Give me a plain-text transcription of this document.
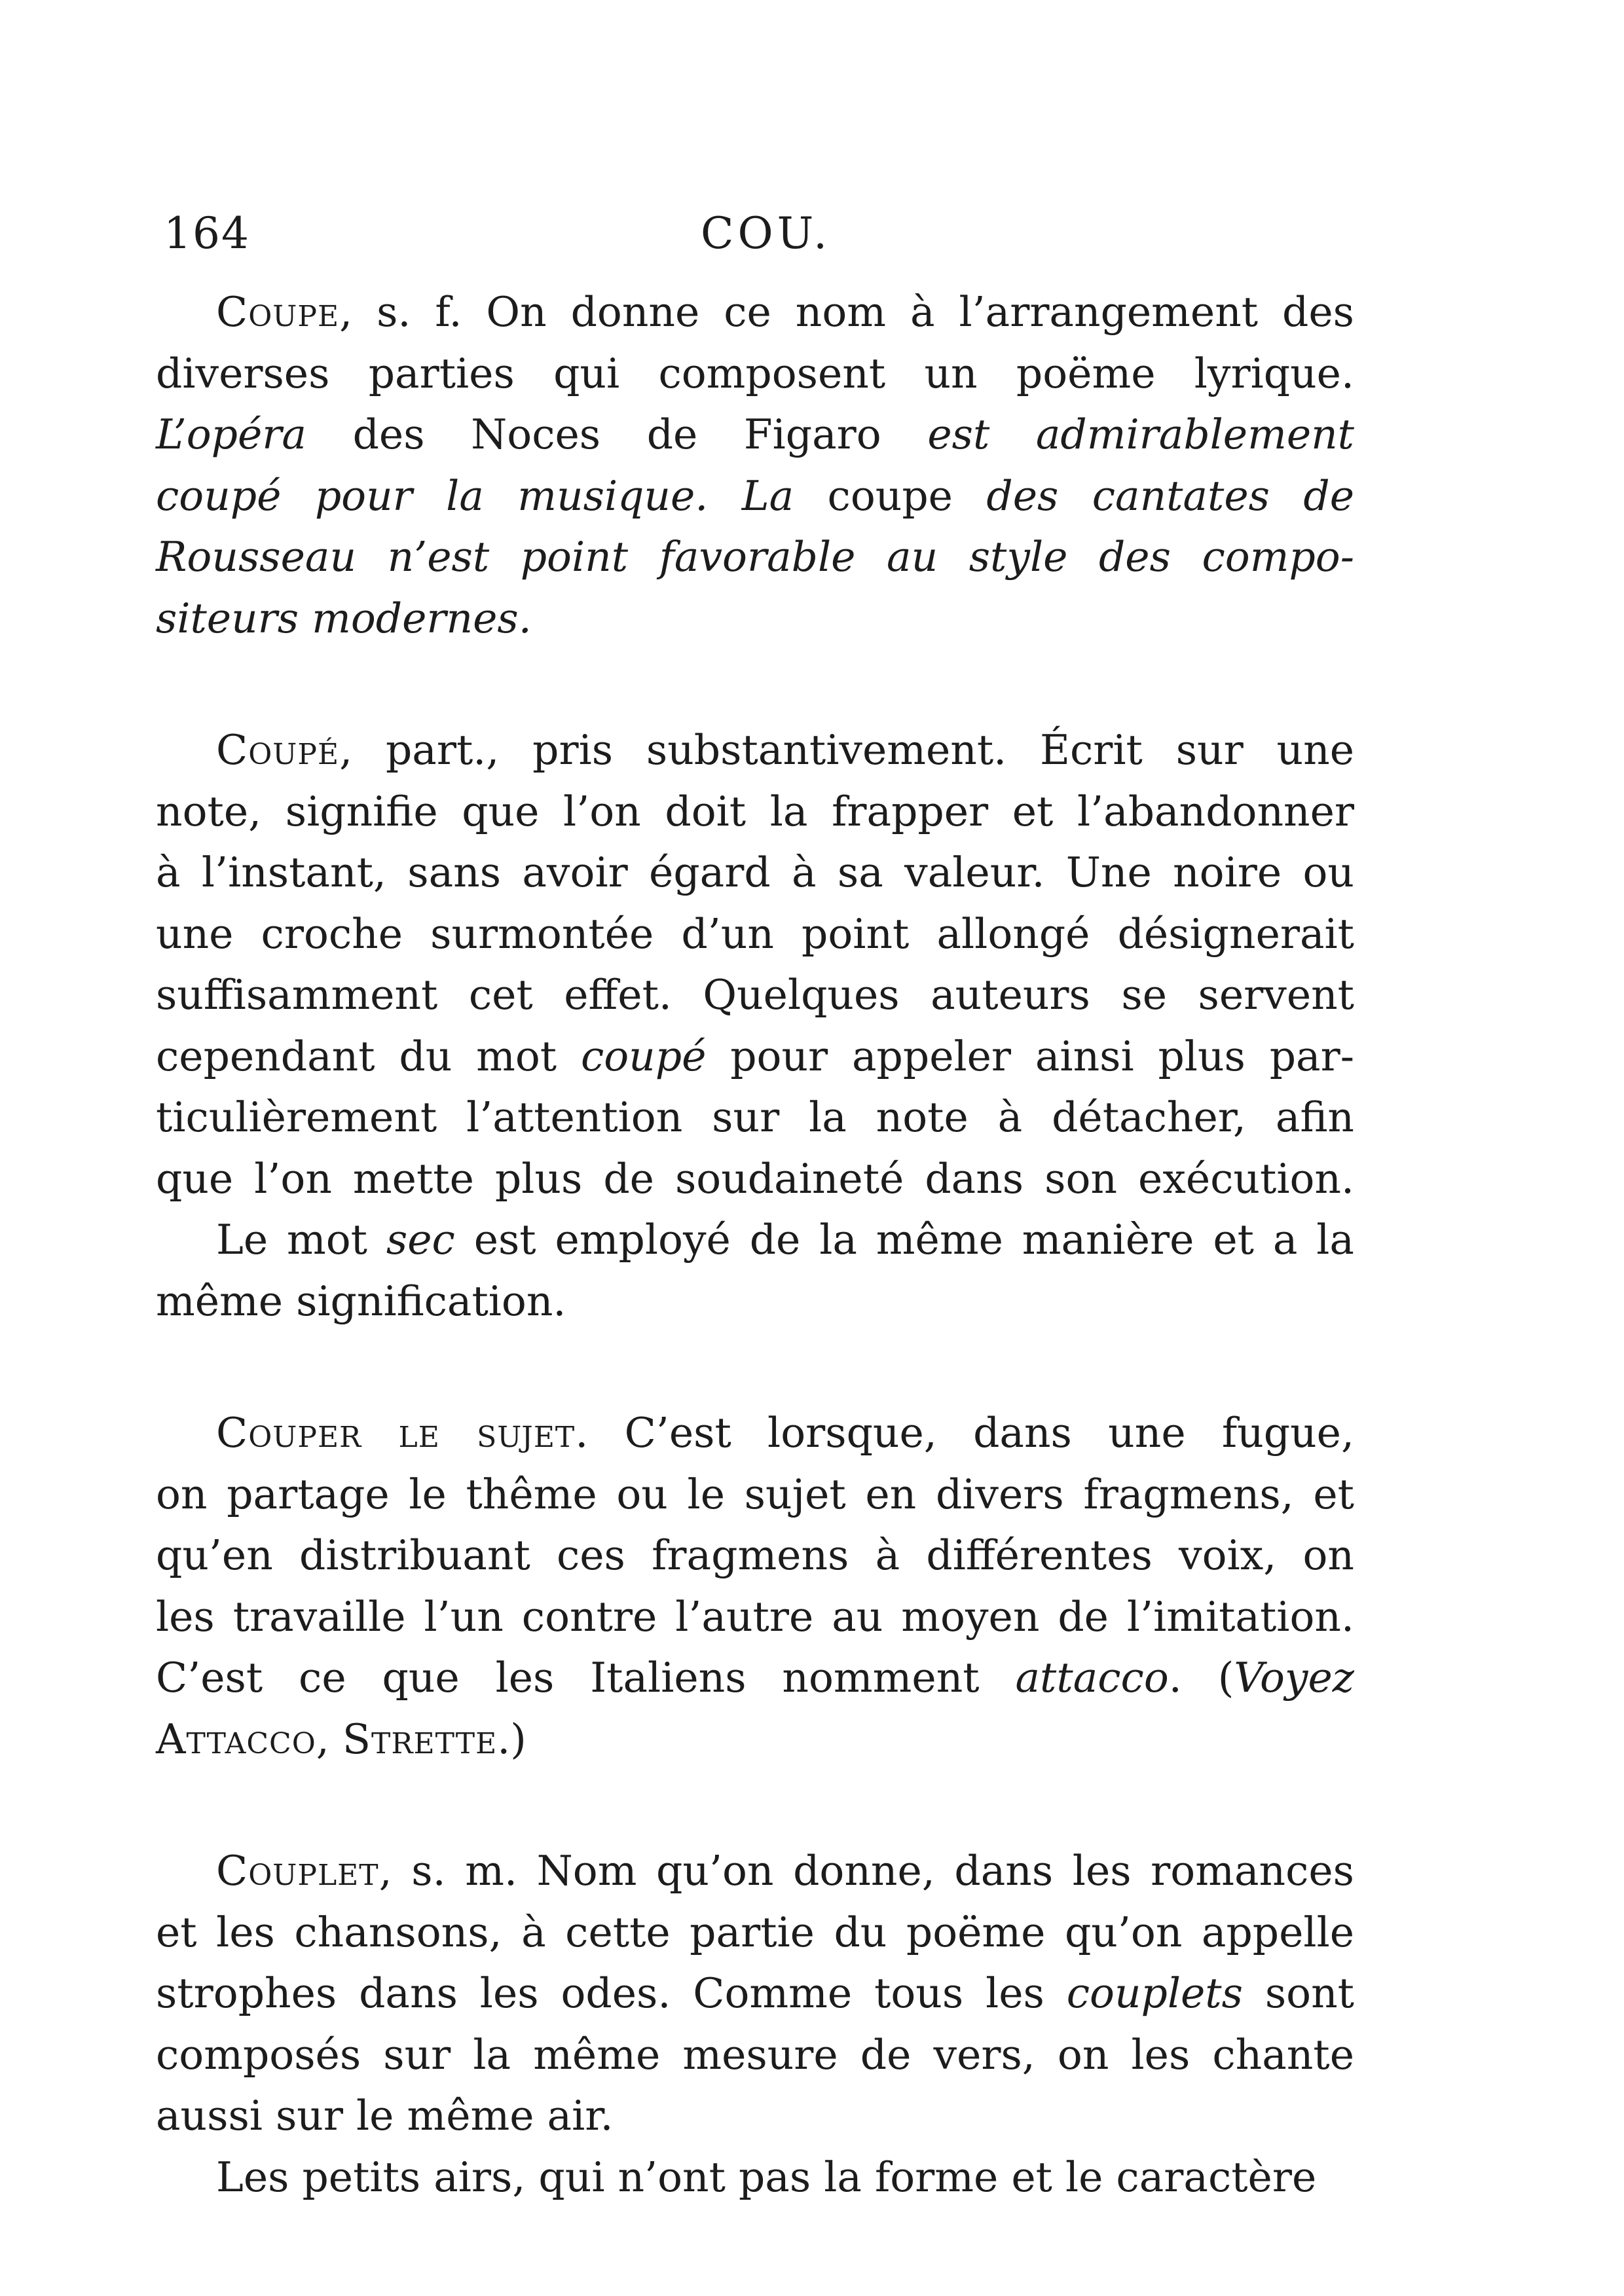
164	COU.
Coupe, s. f. On donne ce nom à l’arrangement des
diverses parties qui composent un poëme lyrique.
L’opéra des Noces de Figaro est admirablement
coupé pour la musique. La coupe des cantates de
Rousseau n’est point favorable au style des compo-
siteurs modernes.
Coupé, part., pris substantivement. Écrit sur une
note, signifie que l’on doit la frapper et l’abandonner
à l’instant, sans avoir égard à sa valeur. Une noire ou
une croche surmontée d’un point allongé désignerait
suffisamment cet effet. Quelques auteurs se servent
cependant du mot coupé pour appeler ainsi plus par-
ticulièrement l’attention sur la note à détacher, afin
que l’on mette plus de soudaineté dans son exécution.
Le mot sec est employé de la même manière et a la
même signification.
Couper le sujet. C’est lorsque, dans une fugue,
on partage le thême ou le sujet en divers fragmens, et
qu’en distribuant ces fragmens à différentes voix, on
les travaille l’un contre l’autre au moyen de l’imitation.
C’est ce que les Italiens nomment attacco. (Voyez
Attacco, Strette.)
Couplet, s. m. Nom qu’on donne, dans les romances
et les chansons, à cette partie du poëme qu’on appelle
strophes dans les odes. Comme tous les couplets sont
composés sur la même mesure de vers, on les chante
aussi sur le même air.
Les petits airs, qui n’ont pas la forme et le caractère
